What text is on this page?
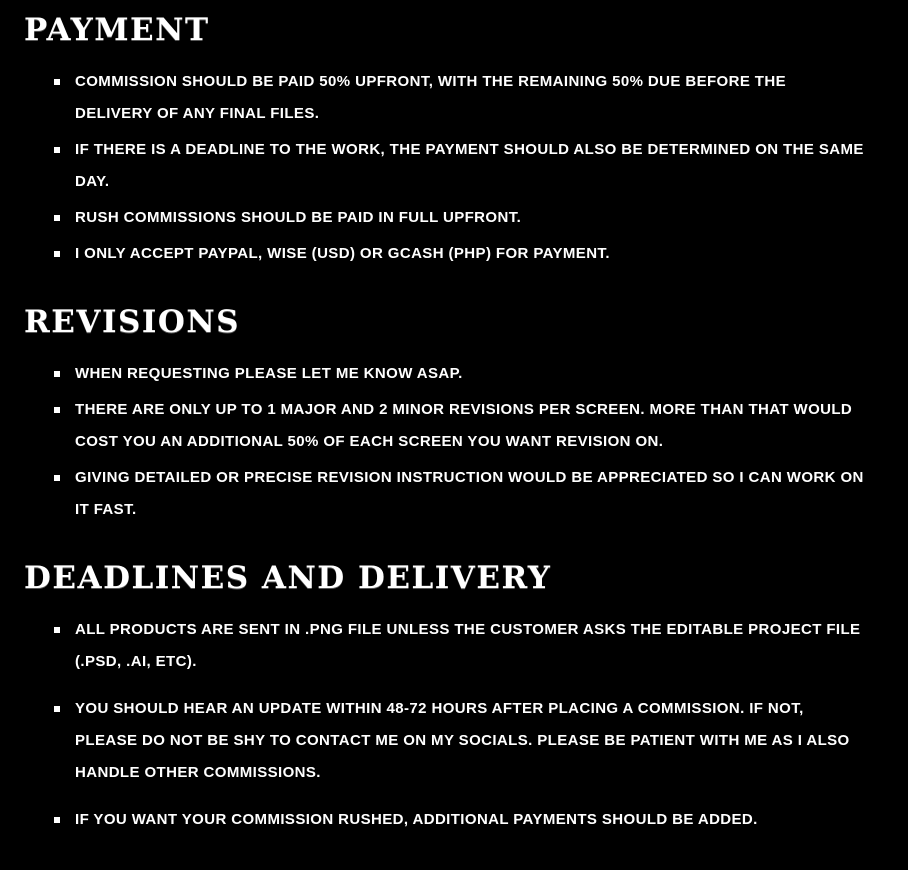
PAYMENT
COMMISSION SHOULD BE PAID 50% UPFRONT, WITH THE REMAINING 50% DUE BEFORE THE DELIVERY OF ANY FINAL FILES.
IF THERE IS A DEADLINE TO THE WORK, THE PAYMENT SHOULD ALSO BE DETERMINED ON THE SAME DAY.
RUSH COMMISSIONS SHOULD BE PAID IN FULL UPFRONT.
I ONLY ACCEPT PAYPAL, WISE (USD) OR GCASH (PHP) FOR PAYMENT.
REVISIONS
WHEN REQUESTING PLEASE LET ME KNOW ASAP.
THERE ARE ONLY UP TO 1 MAJOR AND 2 MINOR REVISIONS PER SCREEN. MORE THAN THAT WOULD COST YOU AN ADDITIONAL 50% OF EACH SCREEN YOU WANT REVISION ON.
GIVING DETAILED OR PRECISE REVISION INSTRUCTION WOULD BE APPRECIATED SO I CAN WORK ON IT FAST.
DEADLINES AND DELIVERY
ALL PRODUCTS ARE SENT IN .PNG FILE UNLESS THE CUSTOMER ASKS THE EDITABLE PROJECT FILE (.PSD, .AI, ETC).
YOU SHOULD HEAR AN UPDATE WITHIN 48-72 HOURS AFTER PLACING A COMMISSION. IF NOT, PLEASE DO NOT BE SHY TO CONTACT ME ON MY SOCIALS. PLEASE BE PATIENT WITH ME AS I ALSO HANDLE OTHER COMMISSIONS.
IF YOU WANT YOUR COMMISSION RUSHED, ADDITIONAL PAYMENTS SHOULD BE ADDED.
